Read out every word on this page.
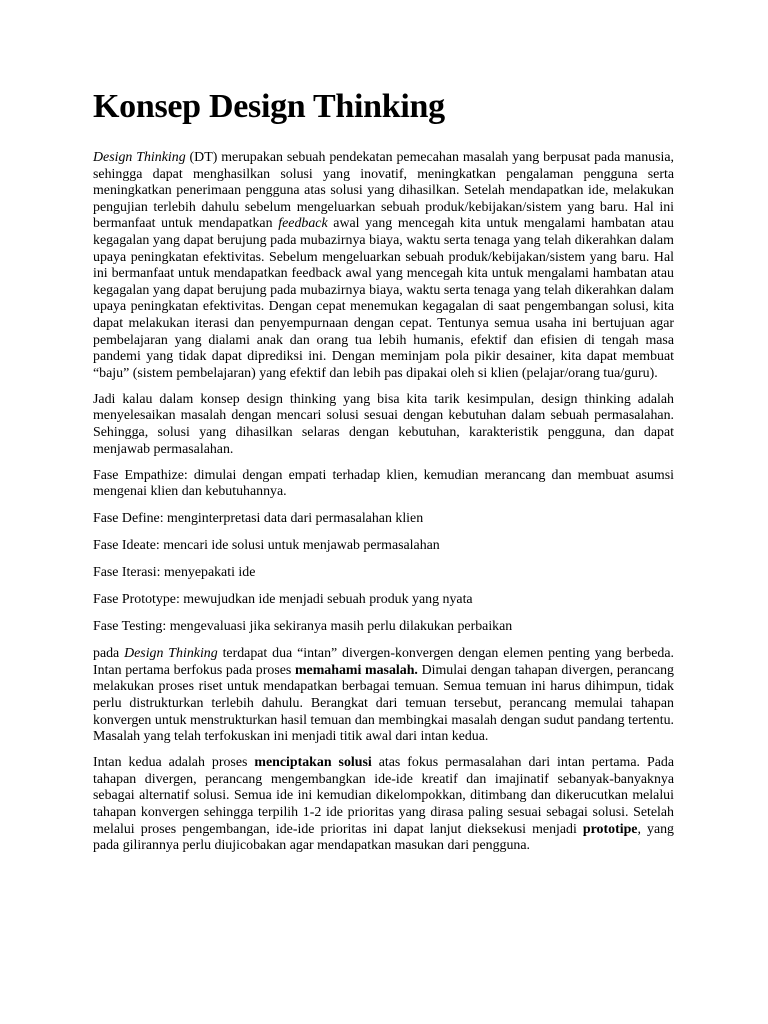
Konsep Design Thinking

Design Thinking (DT) merupakan sebuah pendekatan pemecahan masalah yang berpusat pada manusia, sehingga dapat menghasilkan solusi yang inovatif, meningkatkan pengalaman pengguna serta meningkatkan penerimaan pengguna atas solusi yang dihasilkan. Setelah mendapatkan ide, melakukan pengujian terlebih dahulu sebelum mengeluarkan sebuah produk/kebijakan/sistem yang baru. Hal ini bermanfaat untuk mendapatkan feedback awal yang mencegah kita untuk mengalami hambatan atau kegagalan yang dapat berujung pada mubazirnya biaya, waktu serta tenaga yang telah dikerahkan dalam upaya peningkatan efektivitas. Sebelum mengeluarkan sebuah produk/kebijakan/sistem yang baru. Hal ini bermanfaat untuk mendapatkan feedback awal yang mencegah kita untuk mengalami hambatan atau kegagalan yang dapat berujung pada mubazirnya biaya, waktu serta tenaga yang telah dikerahkan dalam upaya peningkatan efektivitas. Dengan cepat menemukan kegagalan di saat pengembangan solusi, kita dapat melakukan iterasi dan penyempurnaan dengan cepat. Tentunya semua usaha ini bertujuan agar pembelajaran yang dialami anak dan orang tua lebih humanis, efektif dan efisien di tengah masa pandemi yang tidak dapat diprediksi ini. Dengan meminjam pola pikir desainer, kita dapat membuat “baju” (sistem pembelajaran) yang efektif dan lebih pas dipakai oleh si klien (pelajar/orang tua/guru).

Jadi kalau dalam konsep design thinking yang bisa kita tarik kesimpulan, design thinking adalah menyelesaikan masalah dengan mencari solusi sesuai dengan kebutuhan dalam sebuah permasalahan. Sehingga, solusi yang dihasilkan selaras dengan kebutuhan, karakteristik pengguna, dan dapat menjawab permasalahan.

Fase Empathize: dimulai dengan empati terhadap klien, kemudian merancang dan membuat asumsi mengenai klien dan kebutuhannya.

Fase Define: menginterpretasi data dari permasalahan klien

Fase Ideate: mencari ide solusi untuk menjawab permasalahan

Fase Iterasi: menyepakati ide

Fase Prototype: mewujudkan ide menjadi sebuah produk yang nyata

Fase Testing: mengevaluasi jika sekiranya masih perlu dilakukan perbaikan

pada Design Thinking terdapat dua “intan” divergen-konvergen dengan elemen penting yang berbeda. Intan pertama berfokus pada proses memahami masalah. Dimulai dengan tahapan divergen, perancang melakukan proses riset untuk mendapatkan berbagai temuan. Semua temuan ini harus dihimpun, tidak perlu distrukturkan terlebih dahulu. Berangkat dari temuan tersebut, perancang memulai tahapan konvergen untuk menstrukturkan hasil temuan dan membingkai masalah dengan sudut pandang tertentu. Masalah yang telah terfokuskan ini menjadi titik awal dari intan kedua.

Intan kedua adalah proses menciptakan solusi atas fokus permasalahan dari intan pertama. Pada tahapan divergen, perancang mengembangkan ide-ide kreatif dan imajinatif sebanyak-banyaknya sebagai alternatif solusi. Semua ide ini kemudian dikelompokkan, ditimbang dan dikerucutkan melalui tahapan konvergen sehingga terpilih 1-2 ide prioritas yang dirasa paling sesuai sebagai solusi. Setelah melalui proses pengembangan, ide-ide prioritas ini dapat lanjut dieksekusi menjadi prototipe, yang pada gilirannya perlu diujicobakan agar mendapatkan masukan dari pengguna.
